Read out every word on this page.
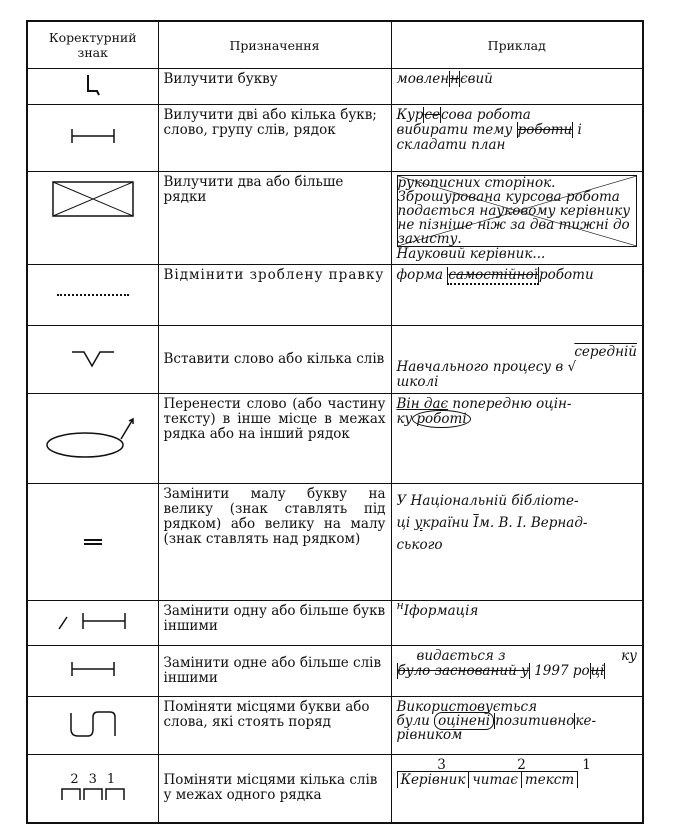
Коректурний знак	Призначення	Приклад
	Вилучити букву	мовленнєвий
	Вилучити дві або кілька букв; слово, групу слів, рядок	Курсесова робота
вибирати тему роботи і
складати план
	Вилучити два або більше рядки	рукописних сторінок. Зброшурована курсова робота подається науковому керівнику не пізніше ніж за два тижні до захисту.
Науковий керівник...

	Відмінити зроблену правку	форма самостійноїроботи
	Вставити слово або кілька слів	середній
Навчального процесу в √
школі
	Перенести слово (або частину тексту) в інше місце в межах рядка або на інший рядок	Він дає попередню оцін-
ку роботі

	Замінити малу букву на велику (знак ставлять під рядком) або велику на малу (знак ставлять над рядком)	У Національній бібліоте-
ці україни Ім. В. І. Вернад-
ського
	Замінити одну або більше букв іншими	$^н$Іформація
	Замінити одне або більше слів іншими	видається з ку
було заснований у 1997 році
	Поміняти місцями букви або слова, які стоять поряд	Використовується
були оцінені позитивноке-
рівником

2 3 1	Поміняти місцями кілька слів у межах одного рядка	3 2 1
Керівник читає текст
